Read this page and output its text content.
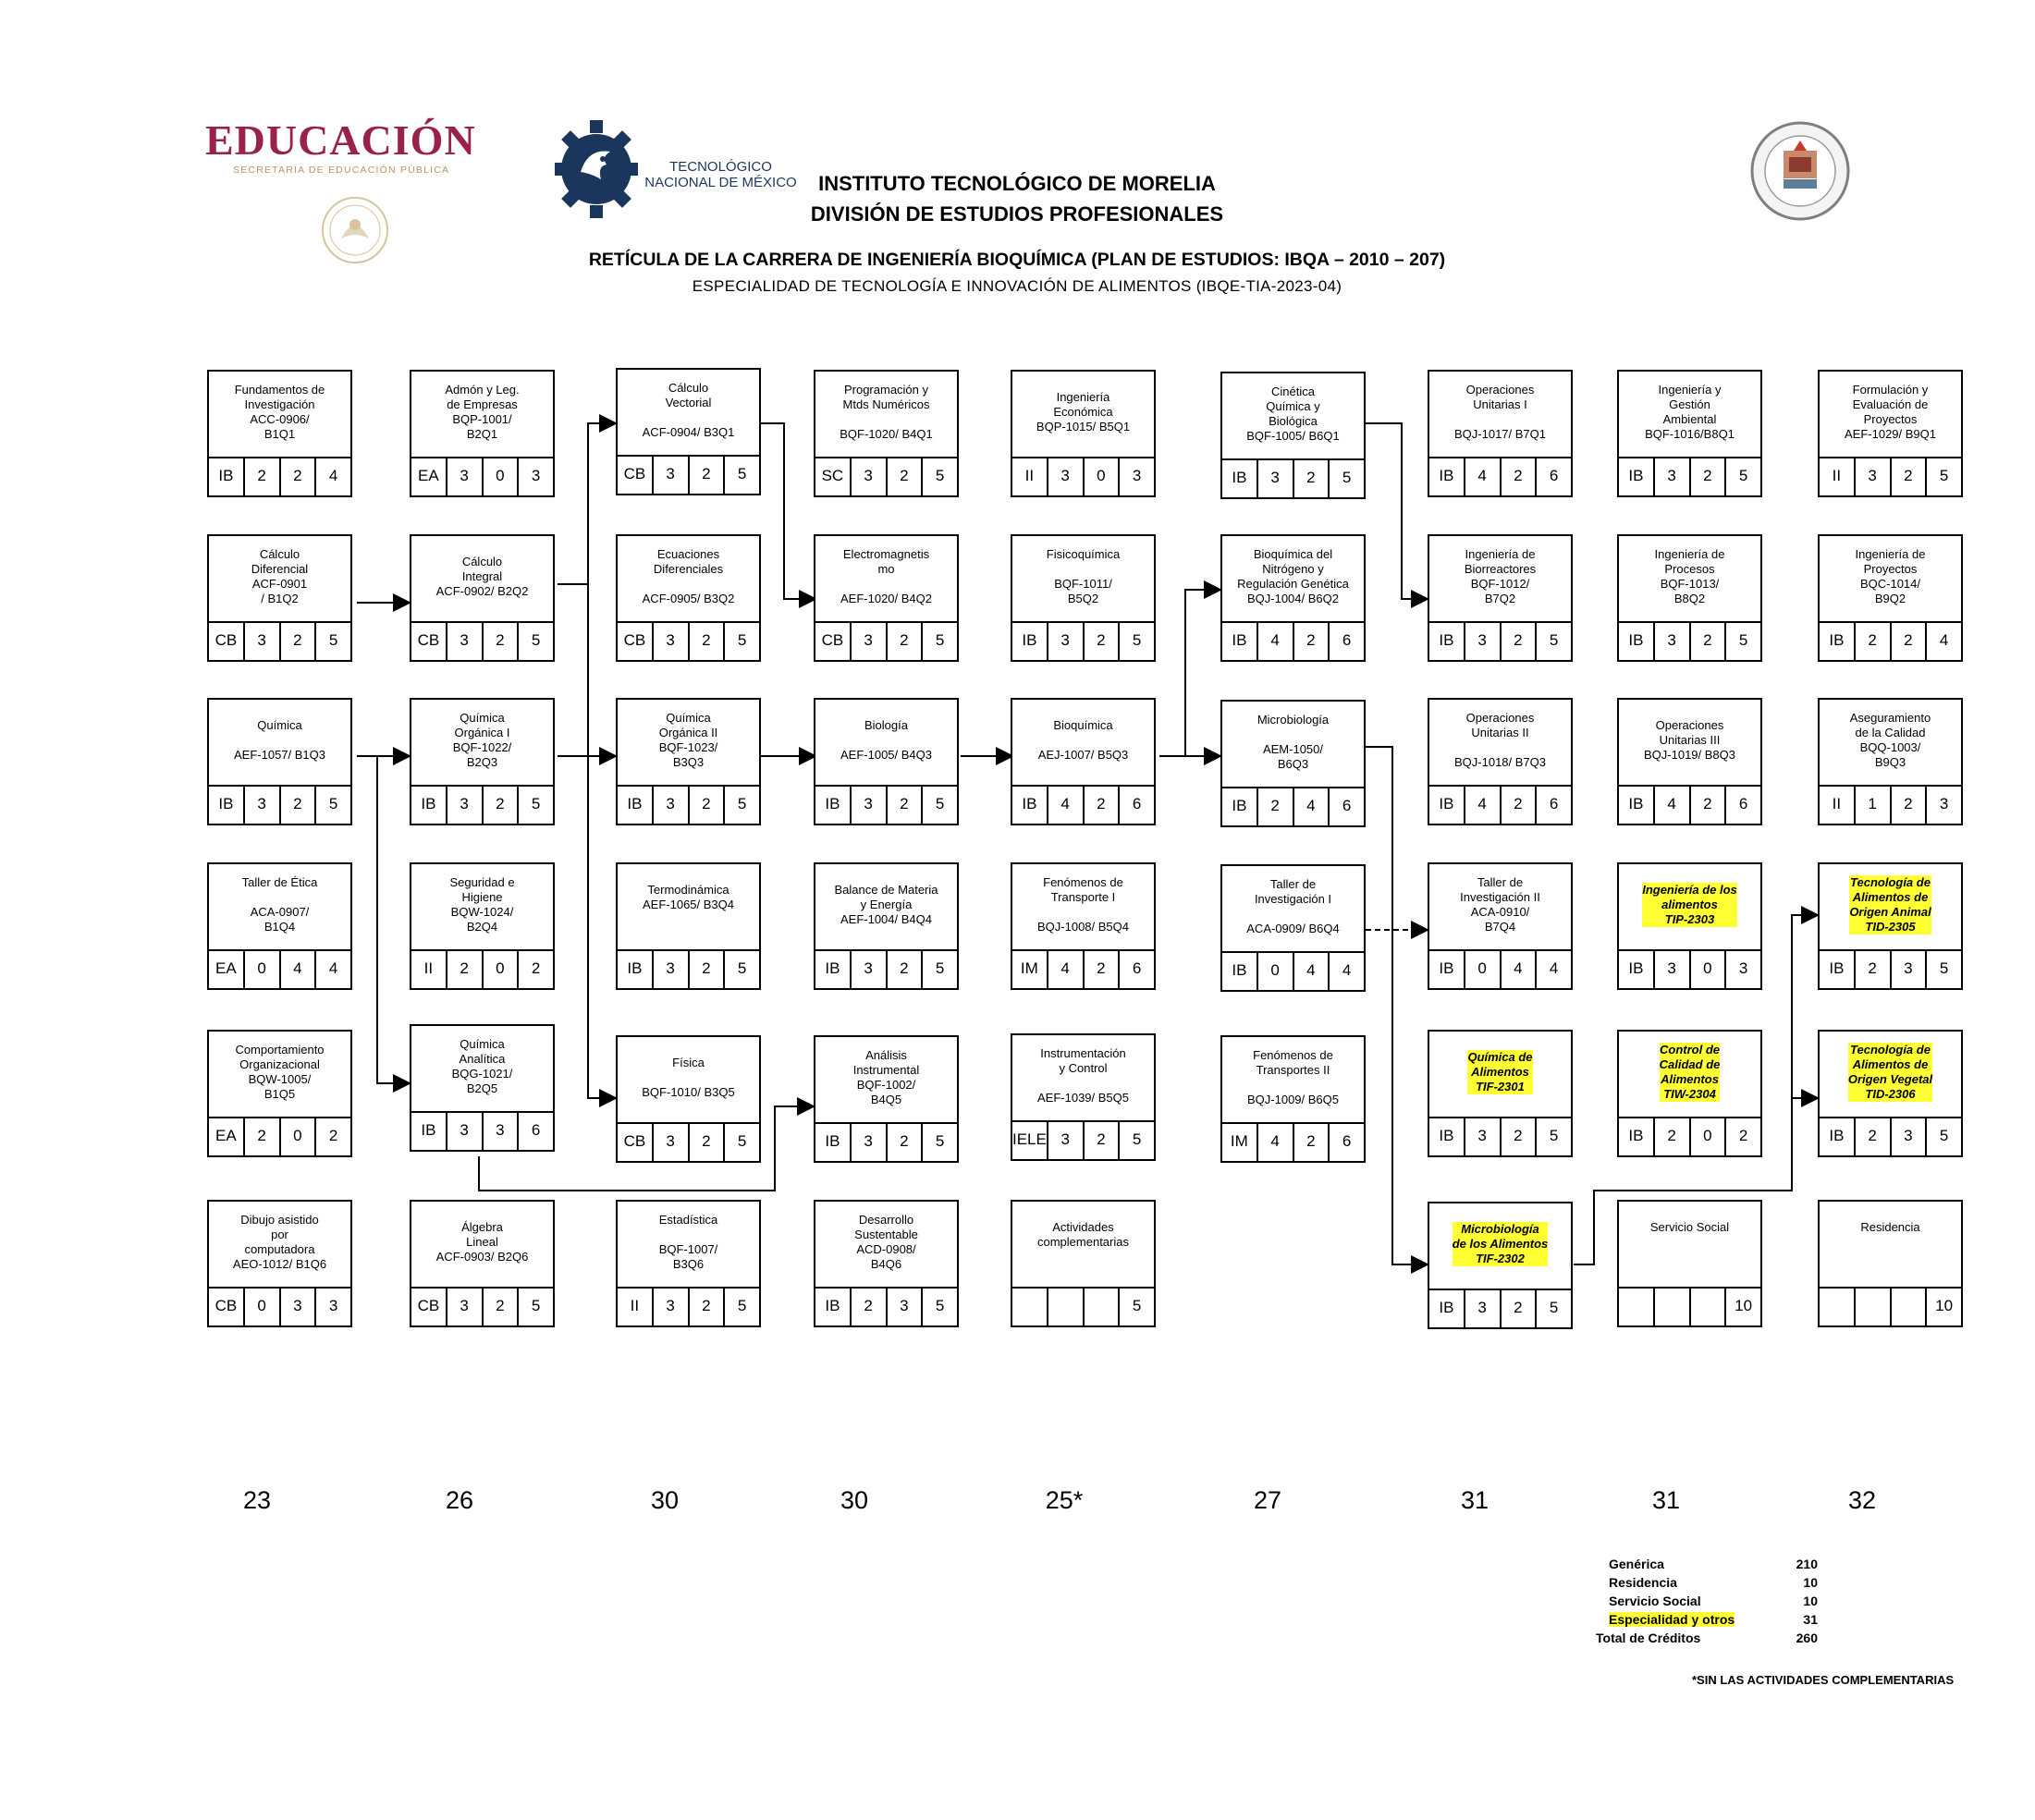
EDUCACIÓN
SECRETARÍA DE EDUCACIÓN PÚBLICA	TECNOLÓGICO
NACIONAL DE MÉXICO	INSTITUTO TECNOLÓGICO DE MORELIA
DIVISIÓN DE ESTUDIOS PROFESIONALES
RETÍCULA DE LA CARRERA DE INGENIERÍA BIOQUÍMICA (PLAN DE ESTUDIOS: IBQA – 2010 – 207)
ESPECIALIDAD DE TECNOLOGÍA E INNOVACIÓN DE ALIMENTOS (IBQE-TIA-2023-04)
Fundamentos de
Investigación
ACC-0906/
B1Q1
IB	2	2	4
Cálculo
Diferencial
ACF-0901
/ B1Q2
CB	3	2	5
Química

AEF-1057/ B1Q3
IB	3	2	5
Taller de Ética

ACA-0907/
B1Q4
EA	0	4	4
Comportamiento
Organizacional
BQW-1005/
B1Q5
EA	2	0	2
Dibujo asistido
por
computadora
AEO-1012/ B1Q6
CB	0	3	3
Admón y Leg.
de Empresas
BQP-1001/
B2Q1
EA	3	0	3
Cálculo
Integral
ACF-0902/ B2Q2
CB	3	2	5
Química
Orgánica I
BQF-1022/
B2Q3
IB	3	2	5
Seguridad e
Higiene
BQW-1024/
B2Q4
II	2	0	2
Química
Analítica
BQG-1021/
B2Q5
IB	3	3	6
Álgebra
Lineal
ACF-0903/ B2Q6
CB	3	2	5
Cálculo
Vectorial

ACF-0904/ B3Q1
CB	3	2	5
Ecuaciones
Diferenciales

ACF-0905/ B3Q2
CB	3	2	5
Química
Orgánica II
BQF-1023/
B3Q3
IB	3	2	5
Termodinámica
AEF-1065/ B3Q4

IB	3	2	5
Física

BQF-1010/ B3Q5
CB	3	2	5
Estadística

BQF-1007/
B3Q6
II	3	2	5
Programación y
Mtds Numéricos

BQF-1020/ B4Q1
SC	3	2	5
Electromagnetis
mo

AEF-1020/ B4Q2
CB	3	2	5
Biología

AEF-1005/ B4Q3
IB	3	2	5
Balance de Materia
y Energía
AEF-1004/ B4Q4

IB	3	2	5
Análisis
Instrumental
BQF-1002/
B4Q5
IB	3	2	5
Desarrollo
Sustentable
ACD-0908/
B4Q6
IB	2	3	5
Ingeniería
Económica
BQP-1015/ B5Q1

II	3	0	3
Fisicoquímica

BQF-1011/
B5Q2
IB	3	2	5
Bioquímica

AEJ-1007/ B5Q3
IB	4	2	6
Fenómenos de
Transporte I

BQJ-1008/ B5Q4
IM	4	2	6
Instrumentación
y Control

AEF-1039/ B5Q5
IELE 3	2	5
Actividades
complementarias

5
Cinética
Química y
Biológica
BQF-1005/ B6Q1
IB	3	2	5
Bioquímica del
Nitrógeno y
Regulación Genética
BQJ-1004/ B6Q2
IB	4	2	6
Microbiología

AEM-1050/
B6Q3
IB	2	4	6
Taller de
Investigación I

ACA-0909/ B6Q4
IB	0	4	4
Fenómenos de
Transportes II

BQJ-1009/ B6Q5
IM	4	2	6
Operaciones
Unitarias I

BQJ-1017/ B7Q1
IB	4	2	6
Ingeniería de
Biorreactores
BQF-1012/
B7Q2
IB	3	2	5
Operaciones
Unitarias II

BQJ-1018/ B7Q3
IB	4	2	6
Taller de
Investigación II
ACA-0910/
B7Q4
IB	0	4	4
Química de
Alimentos
TIF-2301
IB	3	2	5
Microbiología
de los Alimentos
TIF-2302
IB	3	2	5
Ingeniería y
Gestión
Ambiental
BQF-1016/B8Q1
IB	3	2	5
Ingeniería de
Procesos
BQF-1013/
B8Q2
IB	3	2	5
Operaciones
Unitarias III
BQJ-1019/ B8Q3

IB	4	2	6
Ingeniería de los
alimentos
TIP-2303

IB	3	0	3
Control de
Calidad de
Alimentos
TIW-2304
IB	2	0	2
Servicio Social

10
Formulación y
Evaluación de
Proyectos
AEF-1029/ B9Q1
II	3	2	5
Ingeniería de
Proyectos
BQC-1014/
B9Q2
IB	2	2	4
Aseguramiento
de la Calidad
BQQ-1003/
B9Q3
II	1	2	3
Tecnología de
Alimentos de
Origen Animal
TID-2305
IB	2	3	5
Tecnología de
Alimentos de
Origen Vegetal
TID-2306
IB	2	3	5
Residencia

10
23	26	30	30	25*	27	31	31	32
Genérica	210
Residencia	10
Servicio Social	10
Especialidad y otros	31
Total de Créditos	260
*SIN LAS ACTIVIDADES COMPLEMENTARIAS
